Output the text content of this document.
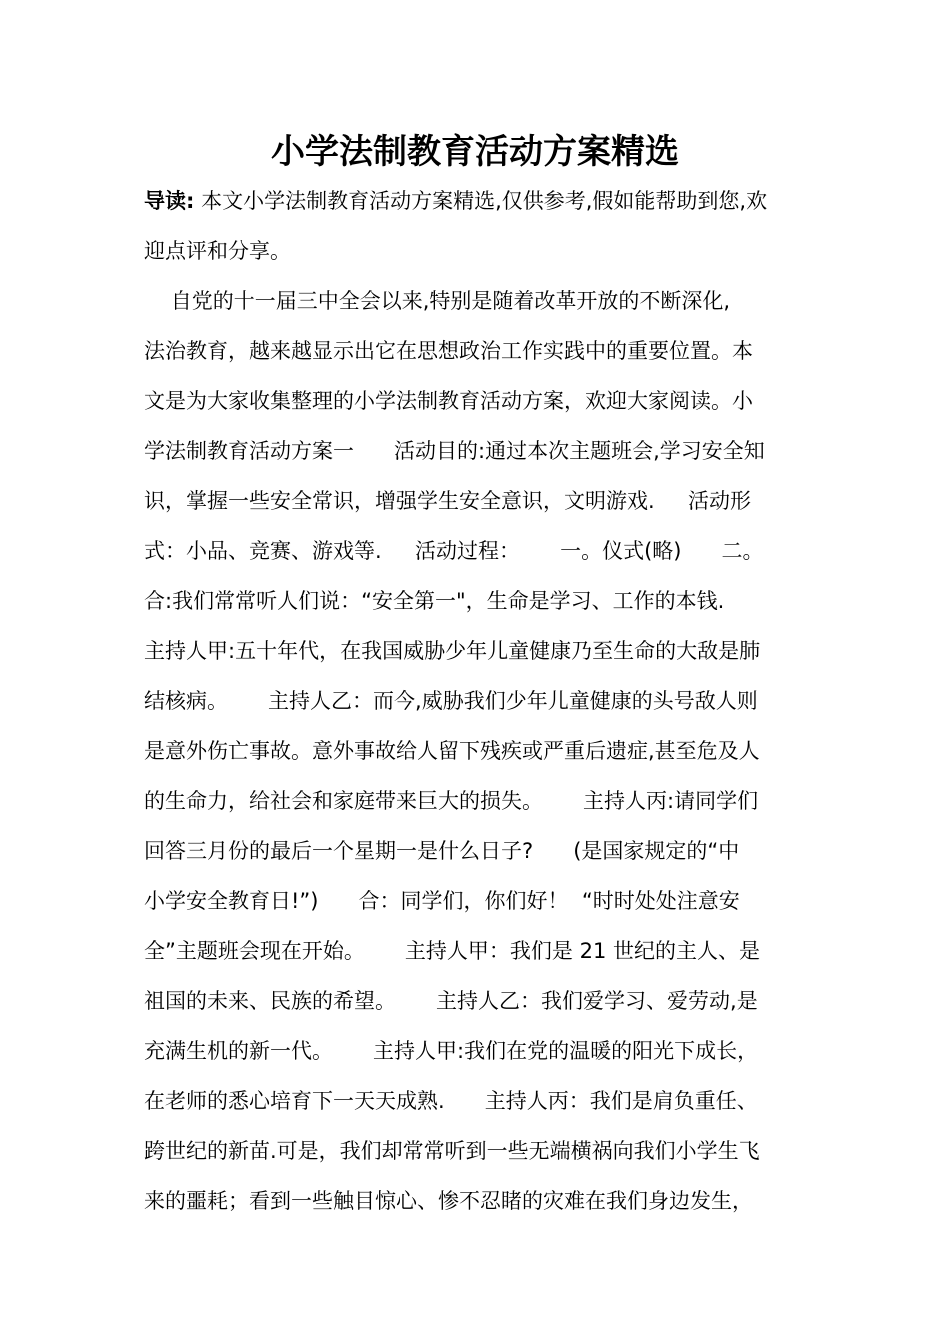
小学法制教育活动方案精选
导读: 本文小学法制教育活动方案精选,仅供参考,假如能帮助到您,欢
迎点评和分享。
自党的十一届三中全会以来,特别是随着改革开放的不断深化,
法治教育，越来越显示出它在思想政治工作实践中的重要位置。本
文是为大家收集整理的小学法制教育活动方案，欢迎大家阅读。小
学法制教育活动方案一      活动目的:通过本次主题班会,学习安全知
识，掌握一些安全常识，增强学生安全意识，文明游戏.     活动形
式：小品、竞赛、游戏等.     活动过程：      一。仪式(略)      二。
合:我们常常听人们说：“安全第一"，生命是学习、工作的本钱.
主持人甲:五十年代，在我国威胁少年儿童健康乃至生命的大敌是肺
结核病。      主持人乙：而今,威胁我们少年儿童健康的头号敌人则
是意外伤亡事故。意外事故给人留下残疾或严重后遗症,甚至危及人
的生命力，给社会和家庭带来巨大的损失。      主持人丙:请同学们
回答三月份的最后一个星期一是什么日子?      (是国家规定的“中
小学安全教育日!”)      合：同学们，你们好！  “时时处处注意安
全”主题班会现在开始。      主持人甲：我们是 21 世纪的主人、是
祖国的未来、民族的希望。      主持人乙：我们爱学习、爱劳动,是
充满生机的新一代。      主持人甲:我们在党的温暖的阳光下成长，
在老师的悉心培育下一天天成熟.      主持人丙：我们是肩负重任、
跨世纪的新苗.可是，我们却常常听到一些无端横祸向我们小学生飞
来的噩耗；看到一些触目惊心、惨不忍睹的灾难在我们身边发生，
